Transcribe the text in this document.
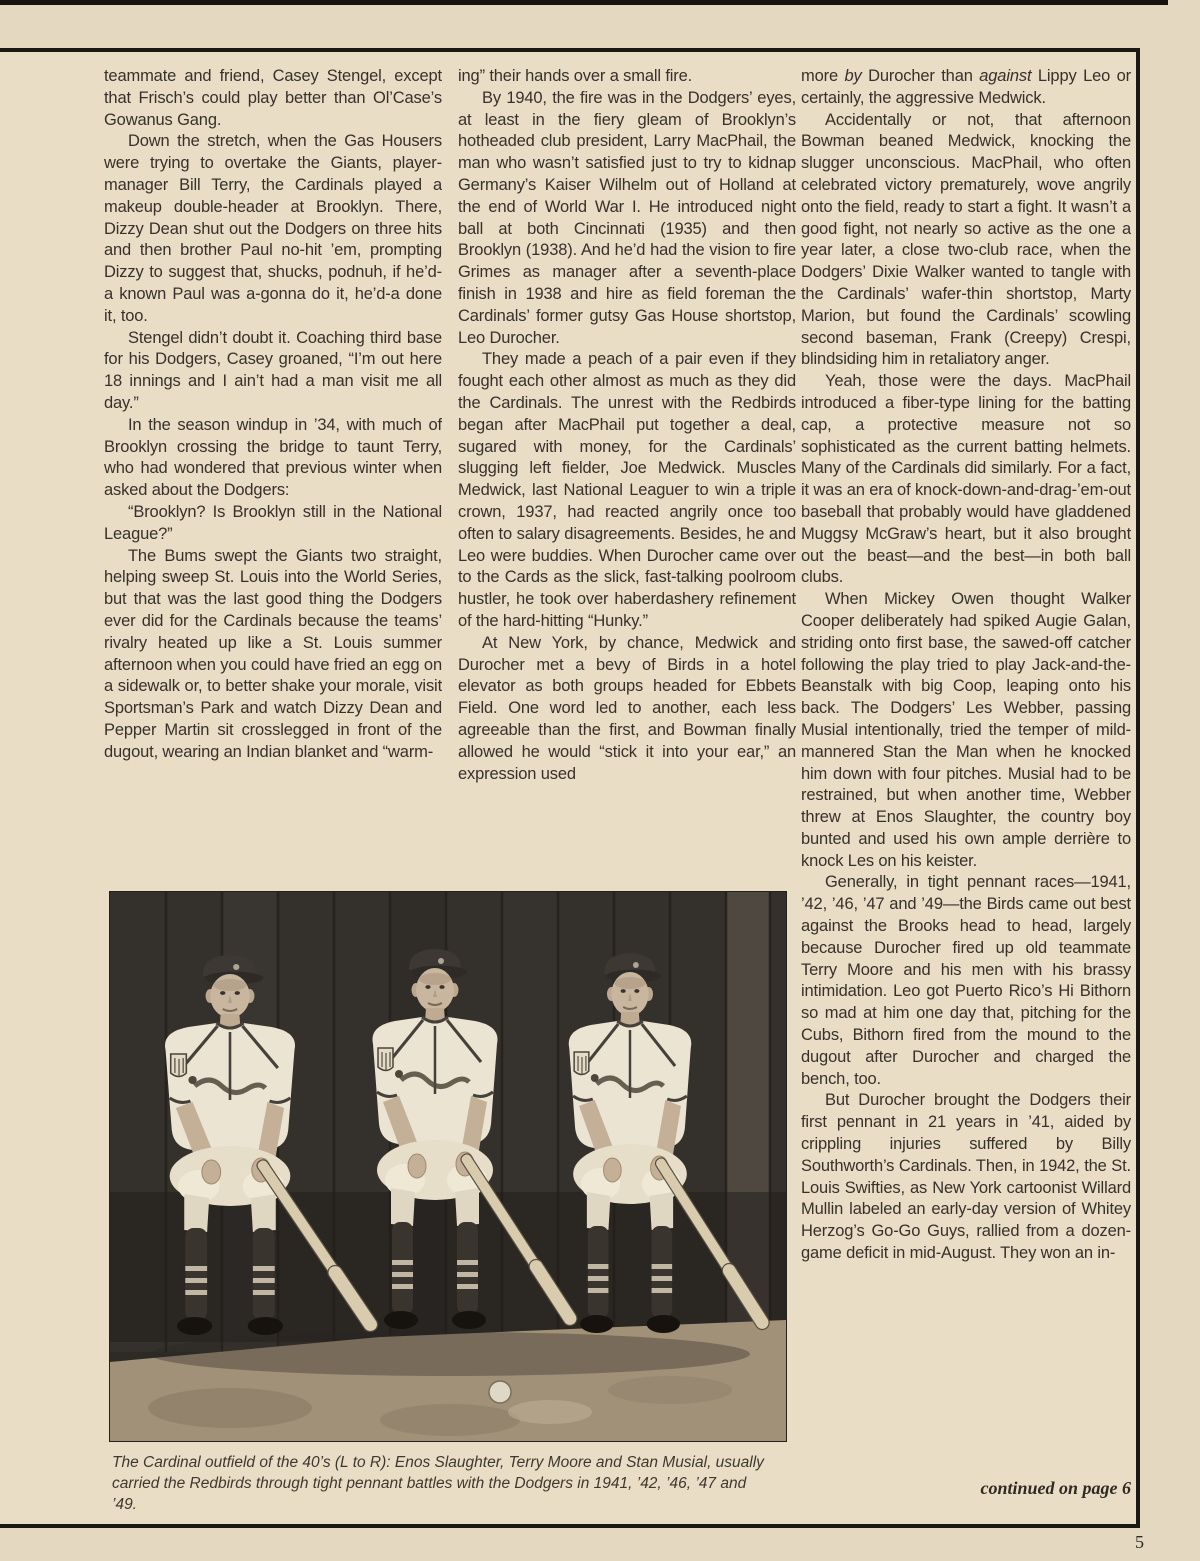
teammate and friend, Casey Stengel, except that Frisch’s could play better than Ol’Case’s Gowanus Gang.

Down the stretch, when the Gas Housers were trying to overtake the Giants, player-manager Bill Terry, the Cardinals played a makeup double-header at Brooklyn. There, Dizzy Dean shut out the Dodgers on three hits and then brother Paul no-hit ’em, prompting Dizzy to suggest that, shucks, podnuh, if he’d-a known Paul was a-gonna do it, he’d-a done it, too.

Stengel didn’t doubt it. Coaching third base for his Dodgers, Casey groaned, “I’m out here 18 innings and I ain’t had a man visit me all day.”

In the season windup in ’34, with much of Brooklyn crossing the bridge to taunt Terry, who had wondered that previous winter when asked about the Dodgers:

“Brooklyn? Is Brooklyn still in the National League?”

The Bums swept the Giants two straight, helping sweep St. Louis into the World Series, but that was the last good thing the Dodgers ever did for the Cardinals because the teams’ rivalry heated up like a St. Louis summer afternoon when you could have fried an egg on a sidewalk or, to better shake your morale, visit Sportsman’s Park and watch Dizzy Dean and Pepper Martin sit crosslegged in front of the dugout, wearing an Indian blanket and “warm-

ing” their hands over a small fire.

By 1940, the fire was in the Dodgers’ eyes, at least in the fiery gleam of Brooklyn’s hotheaded club president, Larry MacPhail, the man who wasn’t satisfied just to try to kidnap Germany’s Kaiser Wilhelm out of Holland at the end of World War I. He introduced night ball at both Cincinnati (1935) and then Brooklyn (1938). And he’d had the vision to fire Grimes as manager after a seventh-place finish in 1938 and hire as field foreman the Cardinals’ former gutsy Gas House shortstop, Leo Durocher.

They made a peach of a pair even if they fought each other almost as much as they did the Cardinals. The unrest with the Redbirds began after MacPhail put together a deal, sugared with money, for the Cardinals’ slugging left fielder, Joe Medwick. Muscles Medwick, last National Leaguer to win a triple crown, 1937, had reacted angrily once too often to salary disagreements. Besides, he and Leo were buddies. When Durocher came over to the Cards as the slick, fast-talking poolroom hustler, he took over haberdashery refinement of the hard-hitting “Hunky.”

At New York, by chance, Medwick and Durocher met a bevy of Birds in a hotel elevator as both groups headed for Ebbets Field. One word led to another, each less agreeable than the first, and Bowman finally allowed he would “stick it into your ear,” an expression used

more by Durocher than against Lippy Leo or certainly, the aggressive Medwick.

Accidentally or not, that afternoon Bowman beaned Medwick, knocking the slugger unconscious. MacPhail, who often celebrated victory prematurely, wove angrily onto the field, ready to start a fight. It wasn’t a good fight, not nearly so active as the one a year later, a close two-club race, when the Dodgers’ Dixie Walker wanted to tangle with the Cardinals’ wafer-thin shortstop, Marty Marion, but found the Cardinals’ scowling second baseman, Frank (Creepy) Crespi, blindsiding him in retaliatory anger.

Yeah, those were the days. MacPhail introduced a fiber-type lining for the batting cap, a protective measure not so sophisticated as the current batting helmets. Many of the Cardinals did similarly. For a fact, it was an era of knock-down-and-drag-’em-out baseball that probably would have gladdened Muggsy McGraw’s heart, but it also brought out the beast—and the best—in both ball clubs.

When Mickey Owen thought Walker Cooper deliberately had spiked Augie Galan, striding onto first base, the sawed-off catcher following the play tried to play Jack-and-the-Beanstalk with big Coop, leaping onto his back. The Dodgers’ Les Webber, passing Musial intentionally, tried the temper of mild-mannered Stan the Man when he knocked him down with four pitches. Musial had to be restrained, but when another time, Webber threw at Enos Slaughter, the country boy bunted and used his own ample derrière to knock Les on his keister.

Generally, in tight pennant races—1941, ’42, ’46, ’47 and ’49—the Birds came out best against the Brooks head to head, largely because Durocher fired up old teammate Terry Moore and his men with his brassy intimidation. Leo got Puerto Rico’s Hi Bithorn so mad at him one day that, pitching for the Cubs, Bithorn fired from the mound to the dugout after Durocher and charged the bench, too.

But Durocher brought the Dodgers their first pennant in 21 years in ’41, aided by crippling injuries suffered by Billy Southworth’s Cardinals. Then, in 1942, the St. Louis Swifties, as New York cartoonist Willard Mullin labeled an early-day version of Whitey Herzog’s Go-Go Guys, rallied from a dozen-game deficit in mid-August. They won an in-

The Cardinal outfield of the 40’s (L to R): Enos Slaughter, Terry Moore and Stan Musial, usually carried the Redbirds through tight pennant battles with the Dodgers in 1941, ’42, ’46, ’47 and ’49.
continued on page 6
5
